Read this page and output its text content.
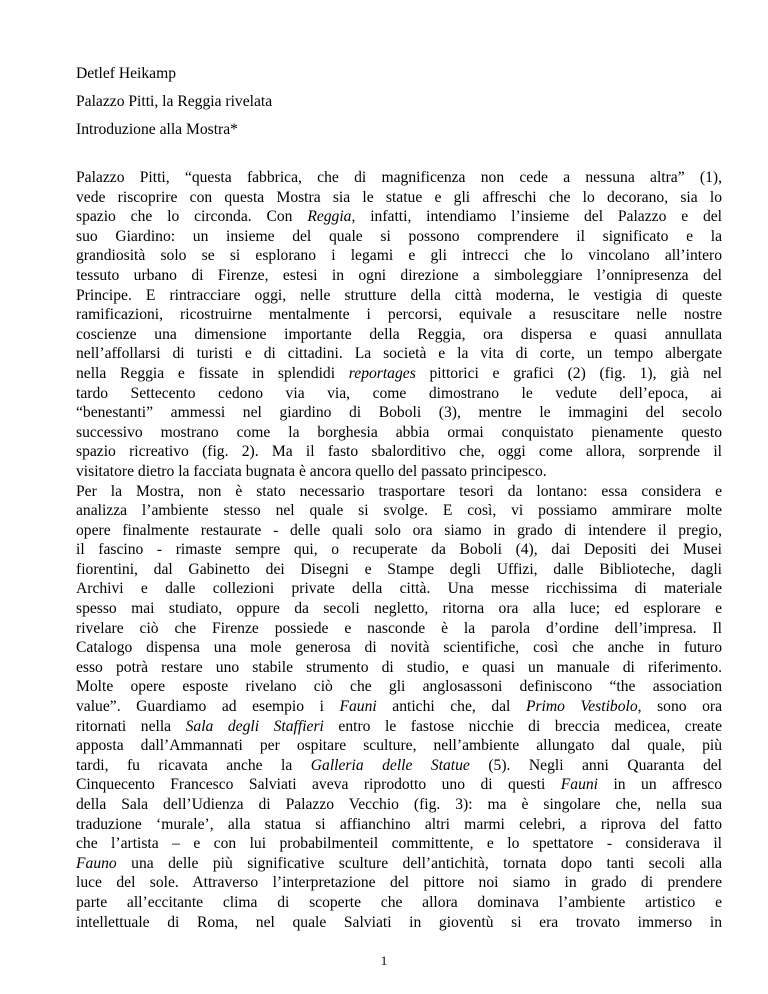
Detlef Heikamp
Palazzo Pitti, la Reggia rivelata
Introduzione alla Mostra*
Palazzo Pitti, “questa fabbrica, che di magnificenza non cede a nessuna altra” (1),
vede riscoprire con questa Mostra sia le statue e gli affreschi che lo decorano, sia lo
spazio che lo circonda. Con Reggia, infatti, intendiamo l’insieme del Palazzo e del
suo Giardino: un insieme del quale si possono comprendere il significato e la
grandiosità solo se si esplorano i legami e gli intrecci che lo vincolano all’intero
tessuto urbano di Firenze, estesi in ogni direzione a simboleggiare l’onnipresenza del
Principe. E rintracciare oggi, nelle strutture della città moderna, le vestigia di queste
ramificazioni, ricostruirne mentalmente i percorsi, equivale a resuscitare nelle nostre
coscienze una dimensione importante della Reggia, ora dispersa e quasi annullata
nell’affollarsi di turisti e di cittadini. La società e la vita di corte, un tempo albergate
nella Reggia e fissate in splendidi reportages pittorici e grafici (2) (fig. 1), già nel
tardo Settecento cedono via via, come dimostrano le vedute dell’epoca, ai
“benestanti” ammessi nel giardino di Boboli (3), mentre le immagini del secolo
successivo mostrano come la borghesia abbia ormai conquistato pienamente questo
spazio ricreativo (fig. 2). Ma il fasto sbalorditivo che, oggi come allora, sorprende il
visitatore dietro la facciata bugnata è ancora quello del passato principesco.
Per la Mostra, non è stato necessario trasportare tesori da lontano: essa considera e
analizza l’ambiente stesso nel quale si svolge. E così, vi possiamo ammirare molte
opere finalmente restaurate - delle quali solo ora siamo in grado di intendere il pregio,
il fascino - rimaste sempre qui, o recuperate da Boboli (4), dai Depositi dei Musei
fiorentini, dal Gabinetto dei Disegni e Stampe degli Uffizi, dalle Biblioteche, dagli
Archivi e dalle collezioni private della città. Una messe ricchissima di materiale
spesso mai studiato, oppure da secoli negletto, ritorna ora alla luce; ed esplorare e
rivelare ciò che Firenze possiede e nasconde è la parola d’ordine dell’impresa. Il
Catalogo dispensa una mole generosa di novità scientifiche, così che anche in futuro
esso potrà restare uno stabile strumento di studio, e quasi un manuale di riferimento.
Molte opere esposte rivelano ciò che gli anglosassoni definiscono “the association
value”. Guardiamo ad esempio i Fauni antichi che, dal Primo Vestibolo, sono ora
ritornati nella Sala degli Staffieri entro le fastose nicchie di breccia medicea, create
apposta dall’Ammannati per ospitare sculture, nell’ambiente allungato dal quale, più
tardi, fu ricavata anche la Galleria delle Statue (5). Negli anni Quaranta del
Cinquecento Francesco Salviati aveva riprodotto uno di questi Fauni in un affresco
della Sala dell’Udienza di Palazzo Vecchio (fig. 3): ma è singolare che, nella sua
traduzione ‘murale’, alla statua si affianchino altri marmi celebri, a riprova del fatto
che l’artista – e con lui probabilmenteil committente, e lo spettatore - considerava il
Fauno una delle più significative sculture dell’antichità, tornata dopo tanti secoli alla
luce del sole. Attraverso l’interpretazione del pittore noi siamo in grado di prendere
parte all’eccitante clima di scoperte che allora dominava l’ambiente artistico e
intellettuale di Roma, nel quale Salviati in gioventù si era trovato immerso in
1
